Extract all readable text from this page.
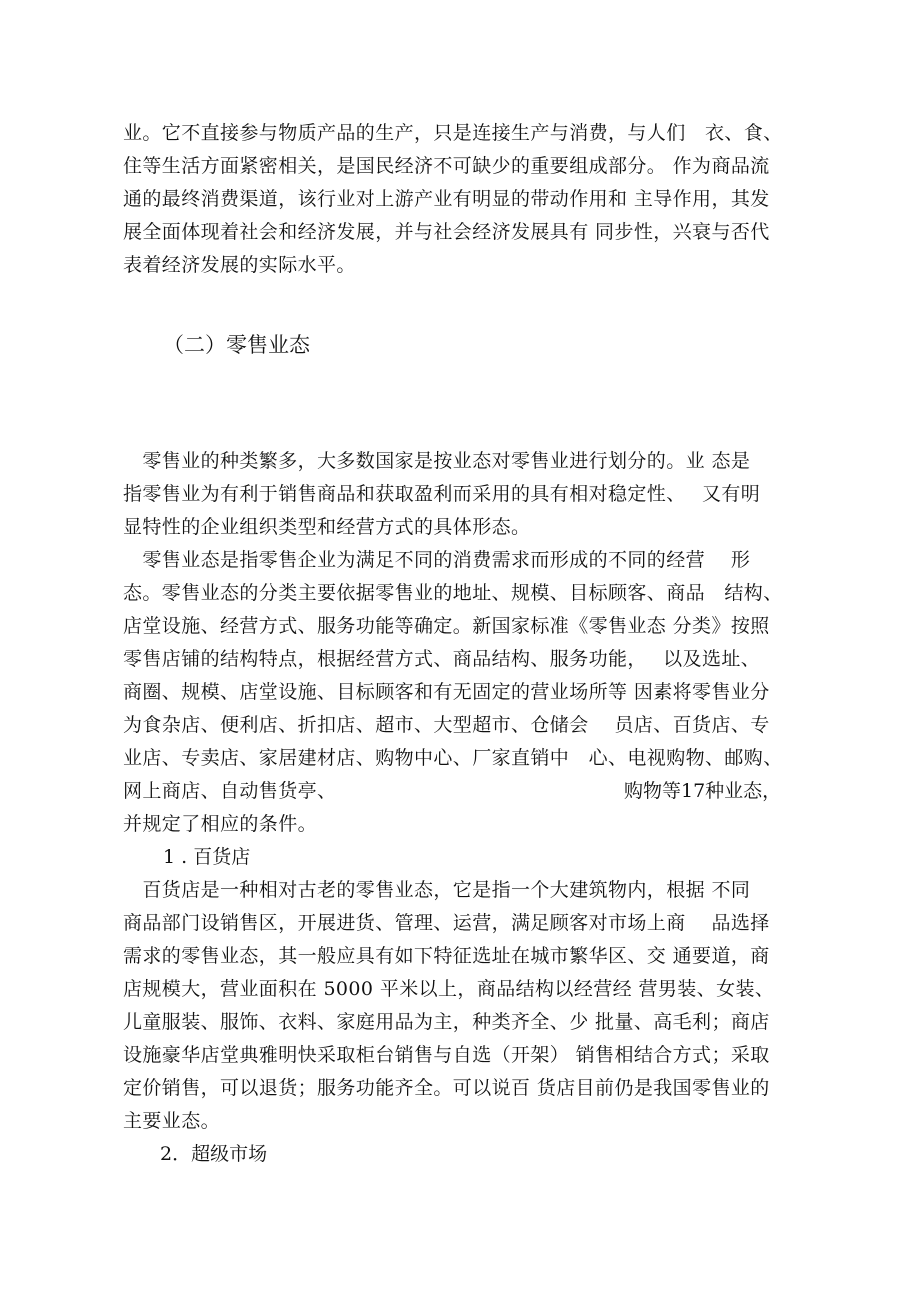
业。它不直接参与物质产品的生产，只是连接生产与消费，与人们　衣、食、
住等生活方面紧密相关，是国民经济不可缺少的重要组成部分。 作为商品流
通的最终消费渠道，该行业对上游产业有明显的带动作用和 主导作用，其发
展全面体现着社会和经济发展，并与社会经济发展具有 同步性，兴衰与否代
表着经济发展的实际水平。
（二）零售业态
　零售业的种类繁多，大多数国家是按业态对零售业进行划分的。业 态是
指零售业为有利于销售商品和获取盈利而采用的具有相对稳定性、　 又有明
显特性的企业组织类型和经营方式的具体形态。
　零售业态是指零售企业为满足不同的消费需求而形成的不同的经营　 形
态。零售业态的分类主要依据零售业的地址、规模、目标顾客、商品　结构、
店堂设施、经营方式、服务功能等确定。新国家标准《零售业态 分类》按照
零售店铺的结构特点，根据经营方式、商品结构、服务功能，　 以及选址、
商圈、规模、店堂设施、目标顾客和有无固定的营业场所等 因素将零售业分
为食杂店、便利店、折扣店、超市、大型超市、仓储会　 员店、百货店、专
业店、专卖店、家居建材店、购物中心、厂家直销中　心、电视购物、邮购、
网上商店、自动售货亭、	购物等17种业态，
并规定了相应的条件。
1 . 百货店
　百货店是一种相对古老的零售业态，它是指一个大建筑物内，根据 不同
商品部门设销售区，开展进货、管理、运营，满足顾客对市场上商　 品选择
需求的零售业态，其一般应具有如下特征选址在城市繁华区、交 通要道，商
店规模大，营业面积在 5000 平米以上，商品结构以经营经 营男装、女装、
儿童服装、服饰、衣料、家庭用品为主，种类齐全、少 批量、高毛利；商店
设施豪华店堂典雅明快采取柜台销售与自选（开架） 销售相结合方式；采取
定价销售，可以退货；服务功能齐全。可以说百 货店目前仍是我国零售业的
主要业态。
2．超级市场
